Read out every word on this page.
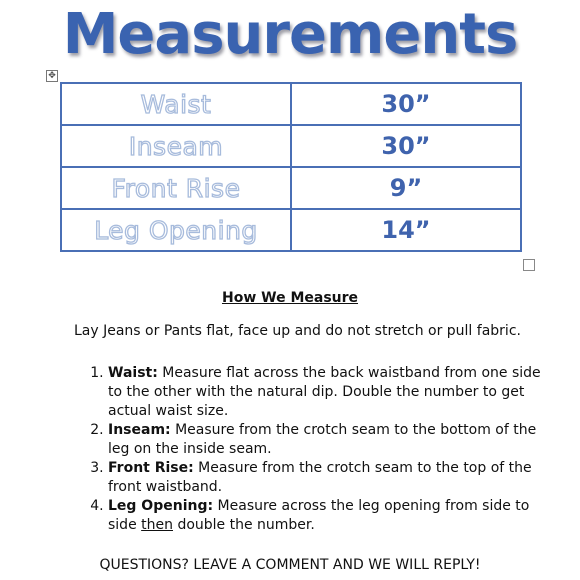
Measurements
✥
Waist	30”
Inseam	30”
Front Rise	9”
Leg Opening	14”
How We Measure
Lay Jeans or Pants flat, face up and do not stretch or pull fabric.
1. Waist: Measure flat across the back waistband from one side to the other with the natural dip. Double the number to get actual waist size.
2. Inseam: Measure from the crotch seam to the bottom of the leg on the inside seam.
3. Front Rise: Measure from the crotch seam to the top of the front waistband.
4. Leg Opening: Measure across the leg opening from side to side then double the number.
QUESTIONS? LEAVE A COMMENT AND WE WILL REPLY!
